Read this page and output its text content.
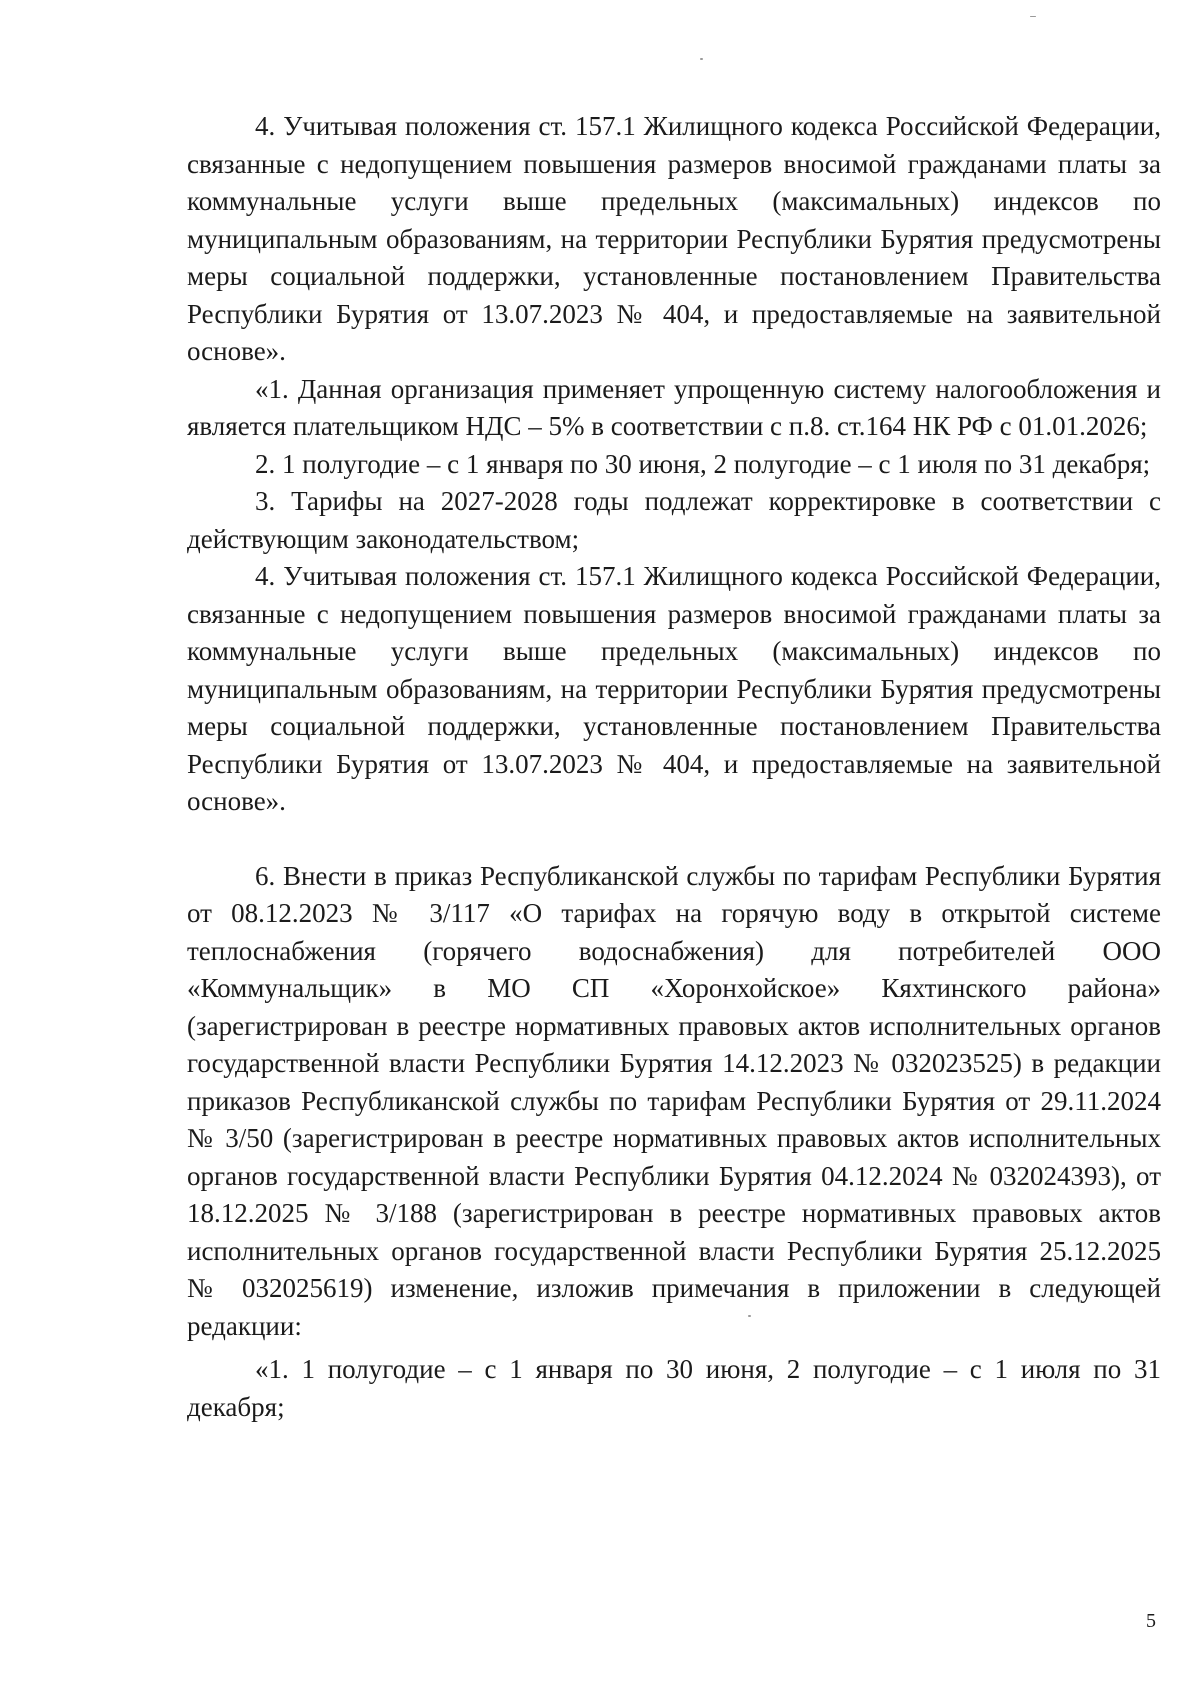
4. Учитывая положения ст. 157.1 Жилищного кодекса Российской Федерации, связанные с недопущением повышения размеров вносимой гражданами платы за коммунальные услуги выше предельных (максимальных) индексов по муниципальным образованиям, на территории Республики Бурятия предусмотрены меры социальной поддержки, установленные постановлением Правительства Республики Бурятия от 13.07.2023 № 404, и предоставляемые на заявительной основе».

«1. Данная организация применяет упрощенную систему налогообложения и является плательщиком НДС – 5% в соответствии с п.8. ст.164 НК РФ с 01.01.2026;

2. 1 полугодие – с 1 января по 30 июня, 2 полугодие – с 1 июля по 31 декабря;

3. Тарифы на 2027-2028 годы подлежат корректировке в соответствии с действующим законодательством;

4. Учитывая положения ст. 157.1 Жилищного кодекса Российской Федерации, связанные с недопущением повышения размеров вносимой гражданами платы за коммунальные услуги выше предельных (максимальных) индексов по муниципальным образованиям, на территории Республики Бурятия предусмотрены меры социальной поддержки, установленные постановлением Правительства Республики Бурятия от 13.07.2023 № 404, и предоставляемые на заявительной основе».

6. Внести в приказ Республиканской службы по тарифам Республики Бурятия от 08.12.2023 № 3/117 «О тарифах на горячую воду в открытой системе теплоснабжения (горячего водоснабжения) для потребителей ООО «Коммунальщик» в МО СП «Хоронхойское» Кяхтинского района» (зарегистрирован в реестре нормативных правовых актов исполнительных органов государственной власти Республики Бурятия 14.12.2023 № 032023525) в редакции приказов Республиканской службы по тарифам Республики Бурятия от 29.11.2024 № 3/50 (зарегистрирован в реестре нормативных правовых актов исполнительных органов государственной власти Республики Бурятия 04.12.2024 № 032024393), от 18.12.2025 № 3/188 (зарегистрирован в реестре нормативных правовых актов исполнительных органов государственной власти Республики Бурятия 25.12.2025 № 032025619) изменение, изложив примечания в приложении в следующей редакции:

«1. 1 полугодие – с 1 января по 30 июня, 2 полугодие – с 1 июля по 31 декабря;

5
